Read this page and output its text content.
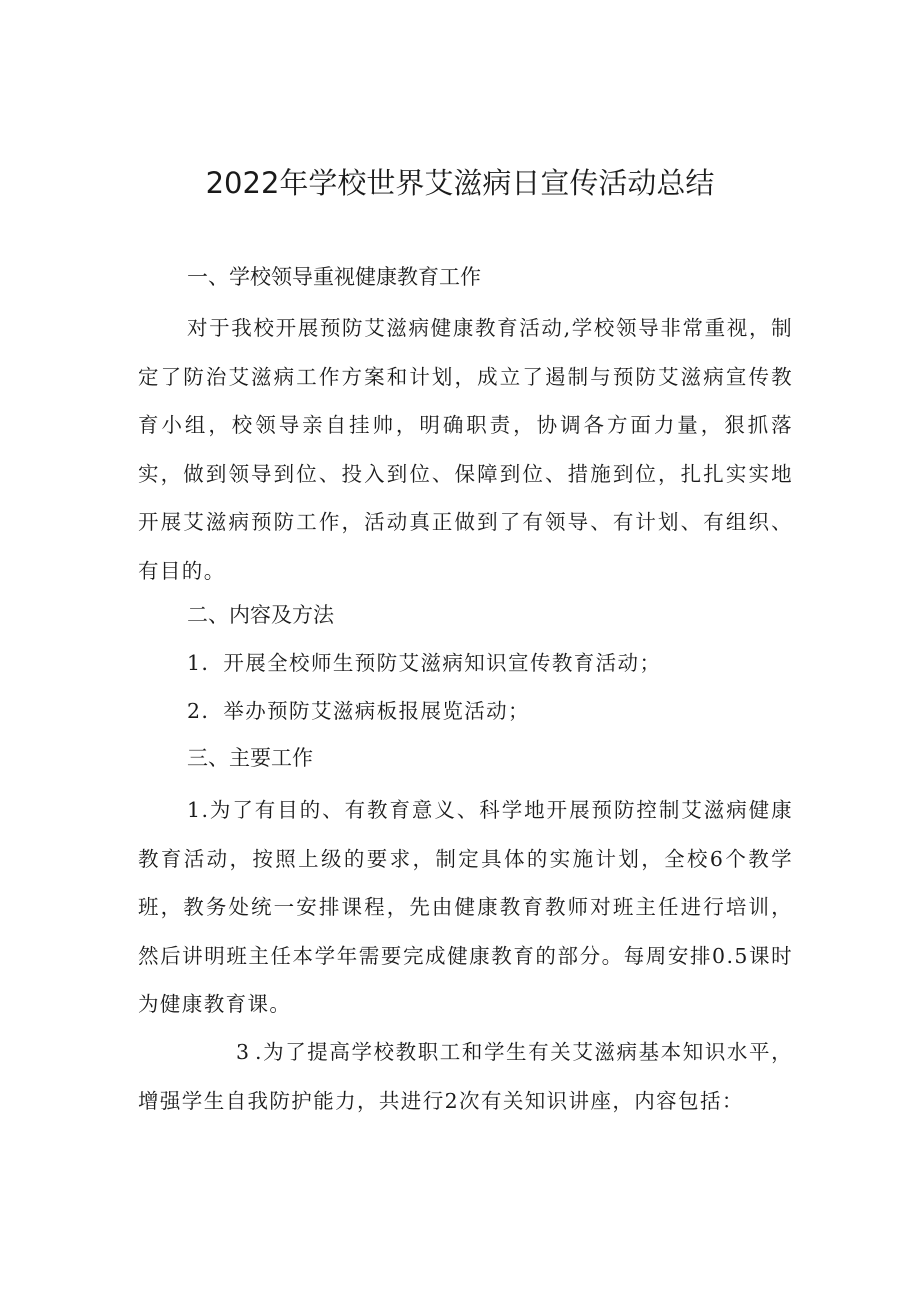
2022年学校世界艾滋病日宣传活动总结
一、学校领导重视健康教育工作

对于我校开展预防艾滋病健康教育活动,学校领导非常重视，制定了防治艾滋病工作方案和计划，成立了遏制与预防艾滋病宣传教育小组，校领导亲自挂帅，明确职责，协调各方面力量，狠抓落实，做到领导到位、投入到位、保障到位、措施到位，扎扎实实地开展艾滋病预防工作，活动真正做到了有领导、有计划、有组织、有目的。

二、内容及方法
1．开展全校师生预防艾滋病知识宣传教育活动；
2．举办预防艾滋病板报展览活动；
三、主要工作

1.为了有目的、有教育意义、科学地开展预防控制艾滋病健康教育活动，按照上级的要求，制定具体的实施计划，全校6个教学班，教务处统一安排课程，先由健康教育教师对班主任进行培训，然后讲明班主任本学年需要完成健康教育的部分。每周安排0.5课时为健康教育课。

3 .为了提高学校教职工和学生有关艾滋病基本知识水平，增强学生自我防护能力，共进行2次有关知识讲座，内容包括：
